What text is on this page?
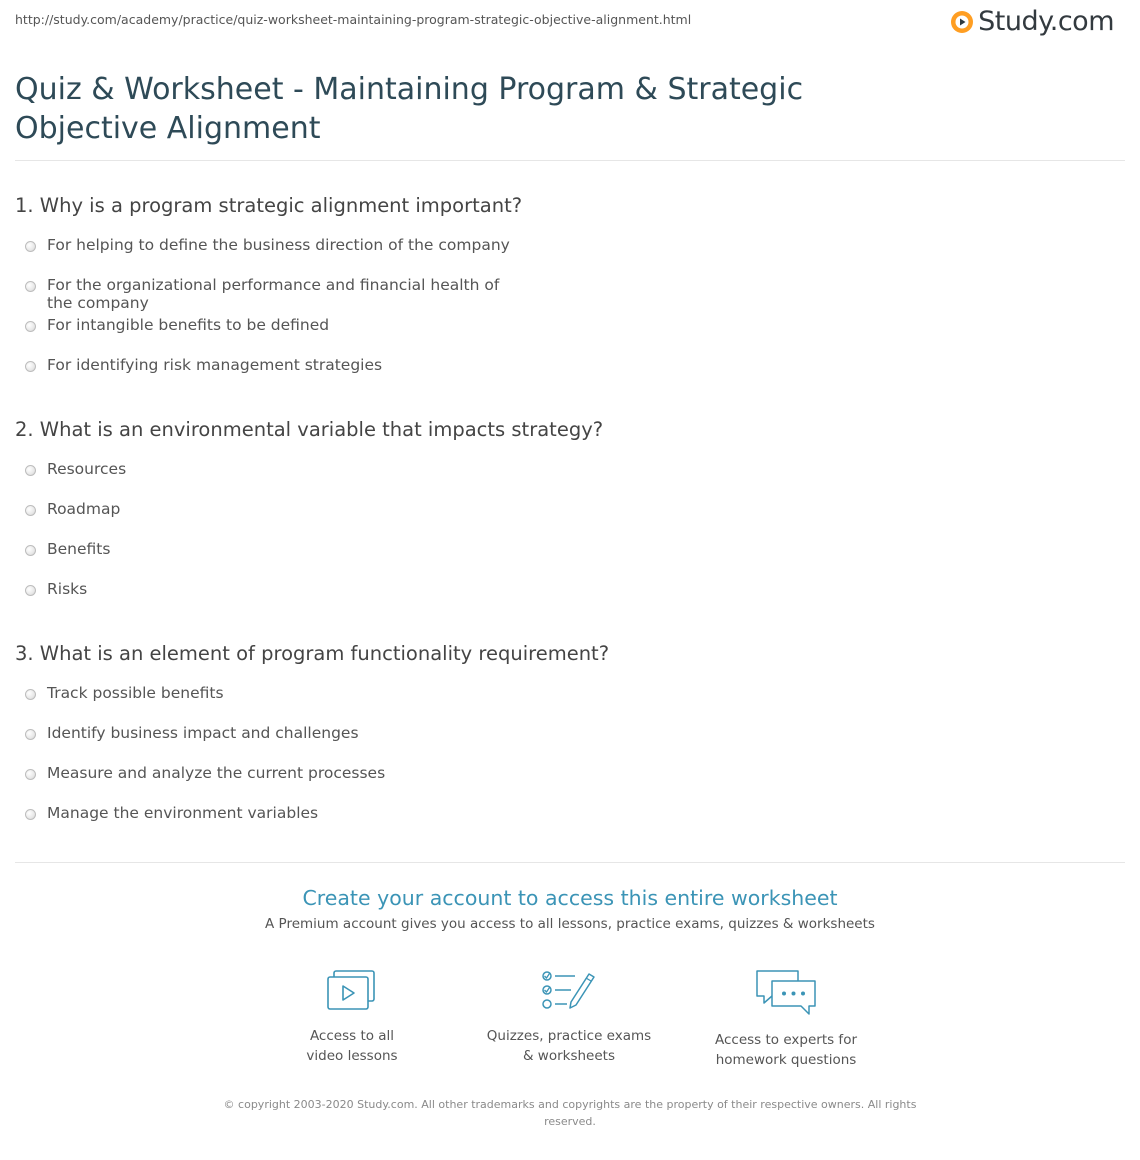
http://study.com/academy/practice/quiz-worksheet-maintaining-program-strategic-objective-alignment.html	Study.com
Quiz & Worksheet - Maintaining Program & Strategic Objective Alignment
1. Why is a program strategic alignment important?
For helping to define the business direction of the company
For the organizational performance and financial health of the company
For intangible benefits to be defined
For identifying risk management strategies
2. What is an environmental variable that impacts strategy?
Resources
Roadmap
Benefits
Risks
3. What is an element of program functionality requirement?
Track possible benefits
Identify business impact and challenges
Measure and analyze the current processes
Manage the environment variables
Create your account to access this entire worksheet
A Premium account gives you access to all lessons, practice exams, quizzes & worksheets
Access to all
video lessons
Quizzes, practice exams
& worksheets
Access to experts for
homework questions
© copyright 2003-2020 Study.com. All other trademarks and copyrights are the property of their respective owners. All rights reserved.
